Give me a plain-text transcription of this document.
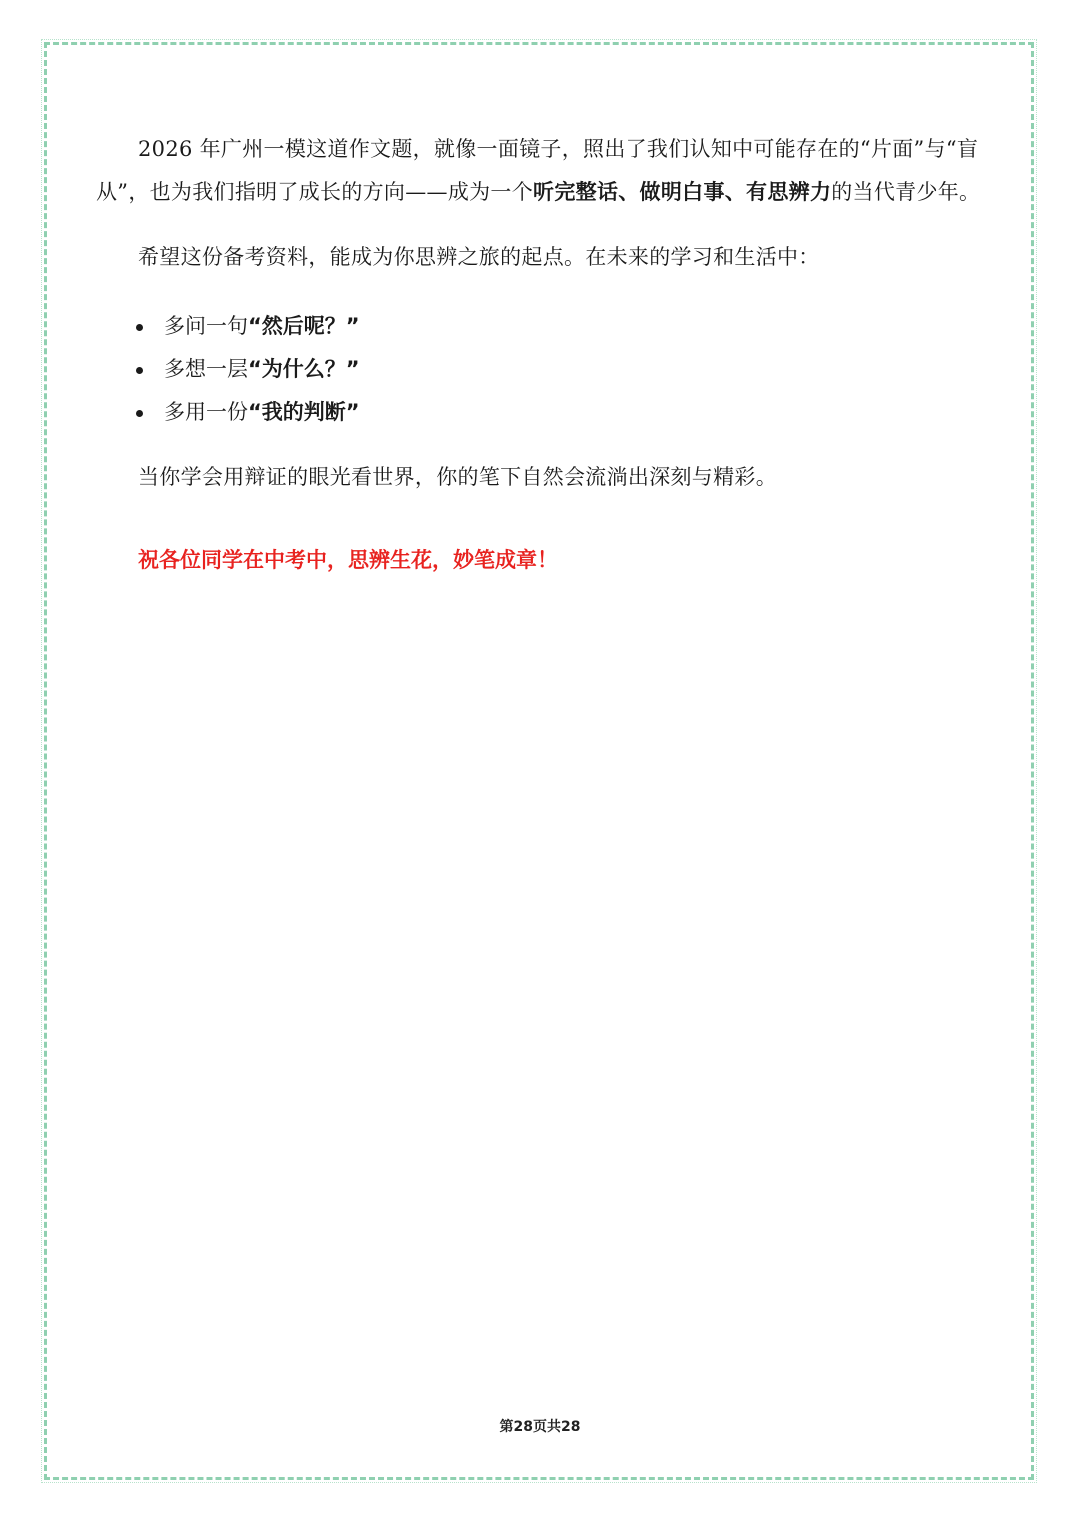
2026 年广州一模这道作文题，就像一面镜子，照出了我们认知中可能存在的“片面”与“盲从”，也为我们指明了成长的方向——成为一个听完整话、做明白事、有思辨力的当代青少年。

希望这份备考资料，能成为你思辨之旅的起点。在未来的学习和生活中：

多问一句“然后呢？”
多想一层“为什么？”
多用一份“我的判断”

当你学会用辩证的眼光看世界，你的笔下自然会流淌出深刻与精彩。

祝各位同学在中考中，思辨生花，妙笔成章！
第28页共28
